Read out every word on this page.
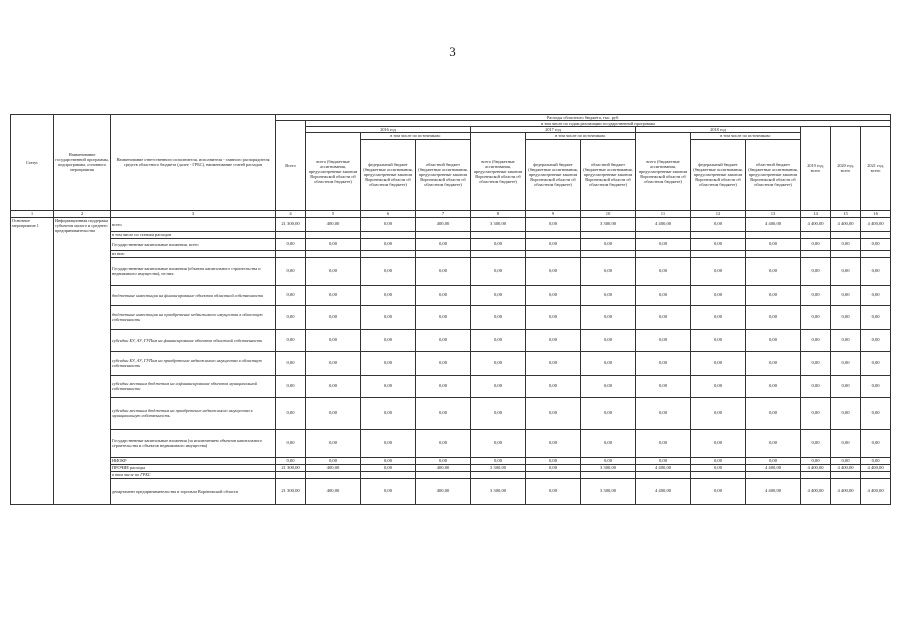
3
Статус	Наименование государственной программы, подпрограммы, основного мероприятия	Наименование ответственного исполнителя, исполнителя - главного распорядителя средств областного бюджета (далее - ГРБС), наименование статей расходов	Расходы областного бюджета, тыс. руб.												
			Всего	в том числе по годам реализации государственной программы											
				2016 год			2017 год			2018 год			2019 год, всего	2020 год, всего	2021 год, всего
				всего (бюджетные ассигнования, предусмотренные законом Воронежской области об областном бюджете)	в том числе по источникам:		всего (бюджетные ассигнования, предусмотренные законом Воронежской области об областном бюджете)	в том числе по источникам:		всего (бюджетные ассигнования, предусмотренные законом Воронежской области об областном бюджете)	в том числе по источникам:				
					федеральный бюджет (бюджетные ассигнования, предусмотренные законом Воронежской области об областном бюджете)	областной бюджет (бюджетные ассигнования, предусмотренные законом Воронежской области об областном бюджете)		федеральный бюджет (бюджетные ассигнования, предусмотренные законом Воронежской области об областном бюджете)	областной бюджет (бюджетные ассигнования, предусмотренные законом Воронежской области об областном бюджете)		федеральный бюджет (бюджетные ассигнования, предусмотренные законом Воронежской области об областном бюджете)	областной бюджет (бюджетные ассигнования, предусмотренные законом Воронежской области об областном бюджете)			
1	2	3	4	5	6	7	8	9	10	11	12	13	14	15	16
Основное мероприятие 1	Информационная поддержка субъектов малого и среднего предпринимательства	всего	21 300,00	400,00	0,00	400,00	3 300,00	0,00	3 300,00	4 400,00	0,00	4 400,00	4 400,00	4 400,00	4 400,00
		в том числе по статьям расходов													
		Государственные капитальные вложения, всего	0,00	0,00	0,00	0,00	0,00	0,00	0,00	0,00	0,00	0,00	0,00	0,00	0,00
		из них:													
		Государственные капитальные вложения (объекты капитального строительства и недвижимого имущества), из них:	0,00	0,00	0,00	0,00	0,00	0,00	0,00	0,00	0,00	0,00	0,00	0,00	0,00
		бюджетные инвестиции на финансирование объектов областной собственности	0,00	0,00	0,00	0,00	0,00	0,00	0,00	0,00	0,00	0,00	0,00	0,00	0,00
		бюджетные инвестиции на приобретение недвижимого имущества в областную собственность	0,00	0,00	0,00	0,00	0,00	0,00	0,00	0,00	0,00	0,00	0,00	0,00	0,00
		субсидии БУ, АУ, ГУПам на финансирование объектов областной собственности	0,00	0,00	0,00	0,00	0,00	0,00	0,00	0,00	0,00	0,00	0,00	0,00	0,00
		субсидии БУ, АУ, ГУПам на приобретение недвижимого имущества в областную собственность	0,00	0,00	0,00	0,00	0,00	0,00	0,00	0,00	0,00	0,00	0,00	0,00	0,00
		субсидии местным бюджетам на софинансирование объектов муниципальной собственности	0,00	0,00	0,00	0,00	0,00	0,00	0,00	0,00	0,00	0,00	0,00	0,00	0,00
		субсидии местным бюджетам на приобретение недвижимого имущества в муниципальную собственность	0,00	0,00	0,00	0,00	0,00	0,00	0,00	0,00	0,00	0,00	0,00	0,00	0,00
		Государственные капитальные вложения (за исключением объектов капитального строительства и объектов недвижимого имущества)	0,00	0,00	0,00	0,00	0,00	0,00	0,00	0,00	0,00	0,00	0,00	0,00	0,00
		НИОКР	0,00	0,00	0,00	0,00	0,00	0,00	0,00	0,00	0,00	0,00	0,00	0,00	0,00
		ПРОЧИЕ расходы	21 300,00	400,00	0,00	400,00	3 300,00	0,00	3 300,00	4 400,00	0,00	4 400,00	4 400,00	4 400,00	4 400,00
		в том числе по ГРБС													
		департамент предпринимательства и торговли Воронежской области	21 300,00	400,00	0,00	400,00	3 300,00	0,00	3 300,00	4 400,00	0,00	4 400,00	4 400,00	4 400,00	4 400,00
